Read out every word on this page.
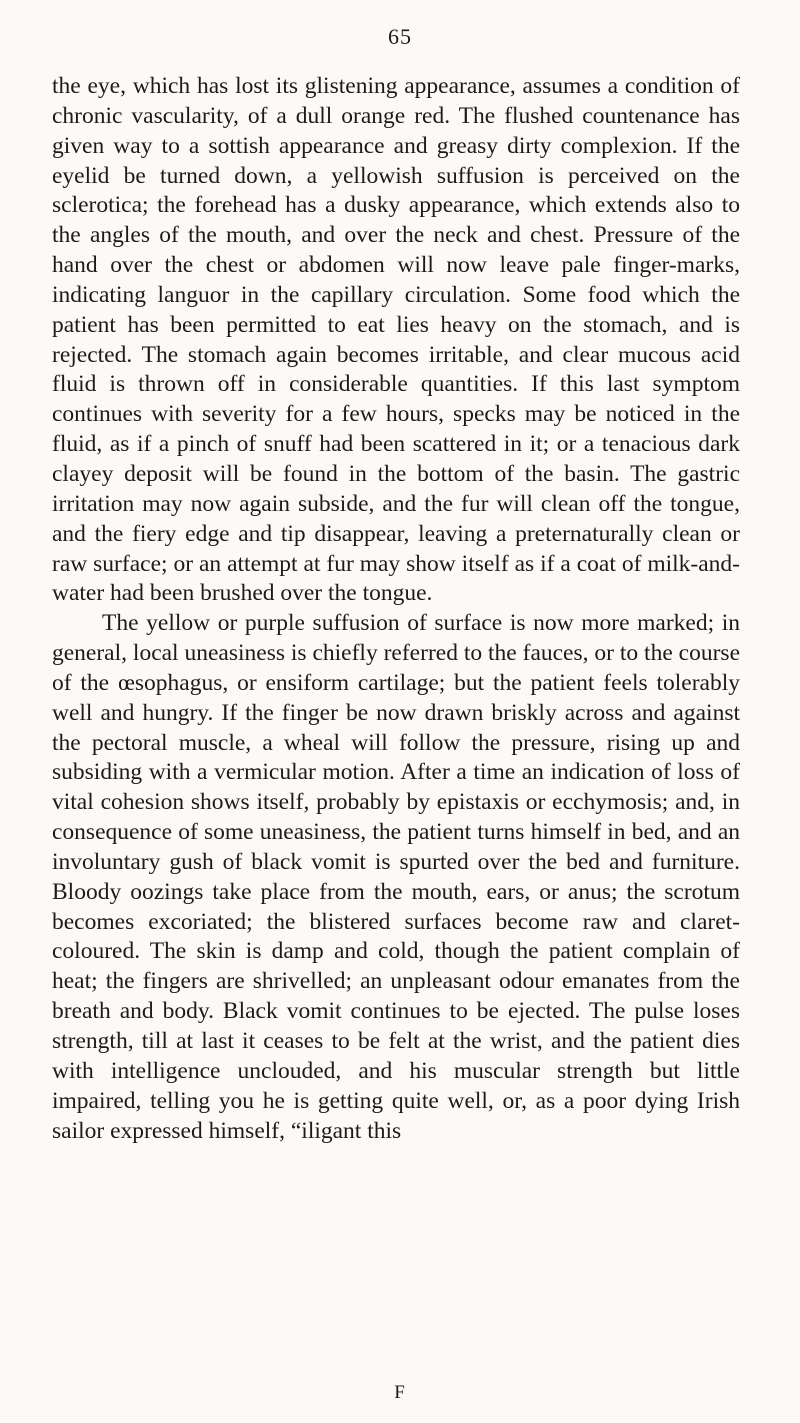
65

the eye, which has lost its glistening appearance, assumes a condition of chronic vascularity, of a dull orange red. The flushed countenance has given way to a sottish appearance and greasy dirty complexion. If the eyelid be turned down, a yellowish suffusion is perceived on the sclerotica; the forehead has a dusky appearance, which extends also to the angles of the mouth, and over the neck and chest. Pressure of the hand over the chest or abdomen will now leave pale finger-marks, indicating languor in the capillary circulation. Some food which the patient has been permitted to eat lies heavy on the stomach, and is rejected. The stomach again becomes irritable, and clear mucous acid fluid is thrown off in considerable quantities. If this last symptom continues with severity for a few hours, specks may be noticed in the fluid, as if a pinch of snuff had been scattered in it; or a tenacious dark clayey deposit will be found in the bottom of the basin. The gastric irritation may now again subside, and the fur will clean off the tongue, and the fiery edge and tip disappear, leaving a preternaturally clean or raw surface; or an attempt at fur may show itself as if a coat of milk-and-water had been brushed over the tongue.

The yellow or purple suffusion of surface is now more marked; in general, local uneasiness is chiefly referred to the fauces, or to the course of the œsophagus, or ensiform cartilage; but the patient feels tolerably well and hungry. If the finger be now drawn briskly across and against the pectoral muscle, a wheal will follow the pressure, rising up and subsiding with a vermicular motion. After a time an indication of loss of vital cohesion shows itself, probably by epistaxis or ecchymosis; and, in consequence of some uneasiness, the patient turns himself in bed, and an involuntary gush of black vomit is spurted over the bed and furniture. Bloody oozings take place from the mouth, ears, or anus; the scrotum becomes excoriated; the blistered surfaces become raw and claret-coloured. The skin is damp and cold, though the patient complain of heat; the fingers are shrivelled; an unpleasant odour emanates from the breath and body. Black vomit continues to be ejected. The pulse loses strength, till at last it ceases to be felt at the wrist, and the patient dies with intelligence unclouded, and his muscular strength but little impaired, telling you he is getting quite well, or, as a poor dying Irish sailor expressed himself, “iligant this

F
